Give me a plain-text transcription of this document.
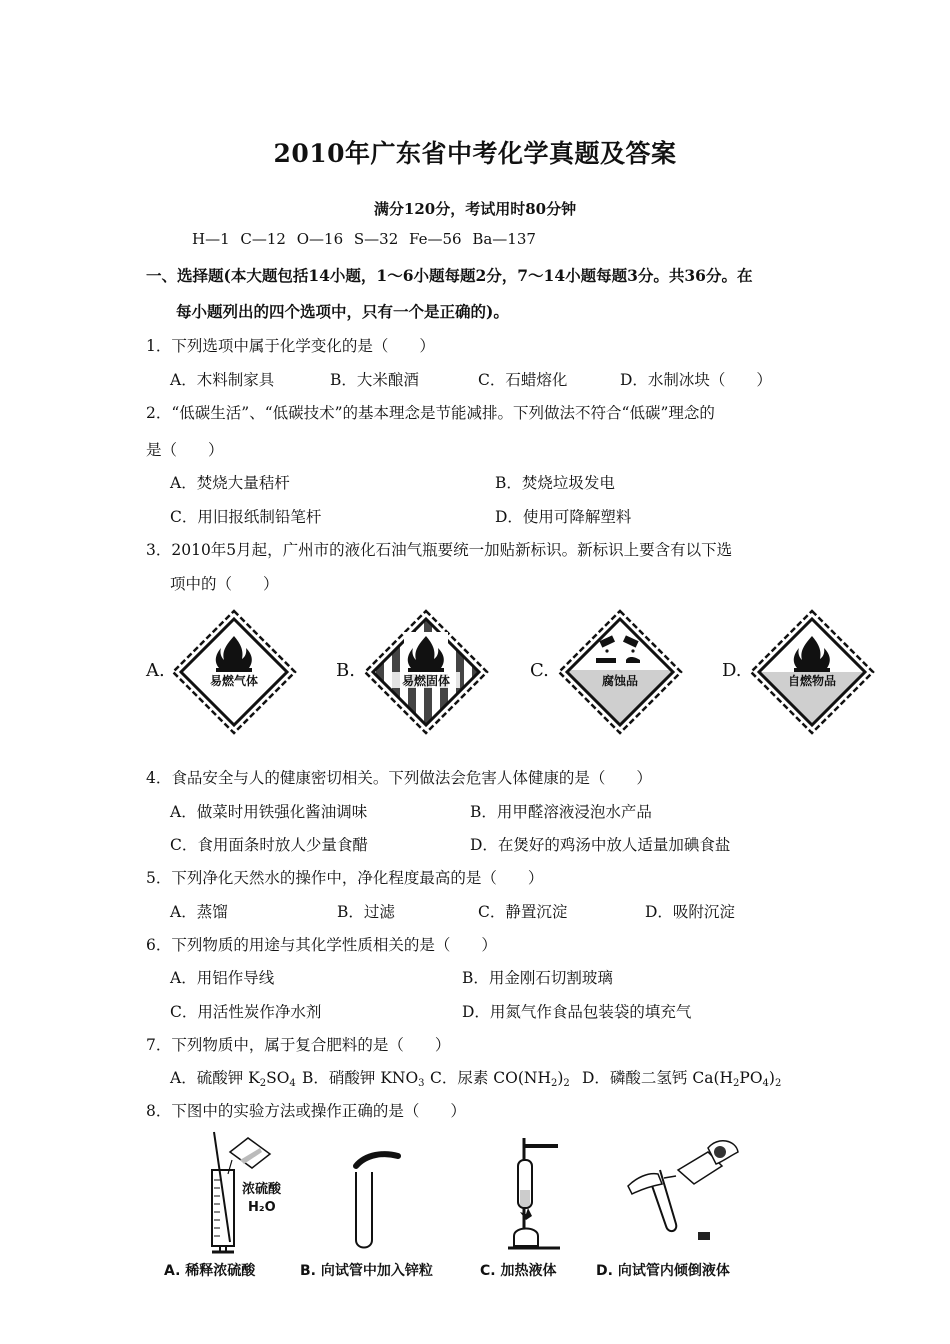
2010年广东省中考化学真题及答案
满分120分，考试用时80分钟
H—1 C—12 O—16 S—32 Fe—56 Ba—137
一、选择题(本大题包括14小题，1～6小题每题2分，7～14小题每题3分。共36分。在
每小题列出的四个选项中，只有一个是正确的)。
1．下列选项中属于化学变化的是（　　）
A．木料制家具	B．大米酿酒	C．石蜡熔化	D．水制冰块（　　）
2．“低碳生活”、“低碳技术”的基本理念是节能减排。下列做法不符合“低碳”理念的
是（　　）
A．焚烧大量秸杆	B．焚烧垃圾发电
C．用旧报纸制铅笔杆	D．使用可降解塑料
3．2010年5月起，广州市的液化石油气瓶要统一加贴新标识。新标识上要含有以下选
项中的（　　）
A.	易燃气体	B.	易燃固体	C.	腐蚀品	D.	自燃物品
4．食品安全与人的健康密切相关。下列做法会危害人体健康的是（　　）
A．做菜时用铁强化酱油调味	B．用甲醛溶液浸泡水产品
C．食用面条时放人少量食醋	D．在煲好的鸡汤中放人适量加碘食盐
5．下列净化天然水的操作中，净化程度最高的是（　　）
A．蒸馏	B．过滤	C．静置沉淀	D．吸附沉淀
6．下列物质的用途与其化学性质相关的是（　　）
A．用铝作导线	B．用金刚石切割玻璃
C．用活性炭作净水剂	D．用氮气作食品包装袋的填充气
7．下列物质中，属于复合肥料的是（　　）
A．硫酸钾 $K_2SO_4$ B．硝酸钾 $KNO_3$ C．尿素 $CO(NH_2)_2$ D．磷酸二氢钙 $Ca(H_2PO_4)_2$
8．下图中的实验方法或操作正确的是（　　）
浓硫酸
H₂O
A. 稀释浓硫酸	B. 向试管中加入锌粒	C. 加热液体	D. 向试管内倾倒液体
